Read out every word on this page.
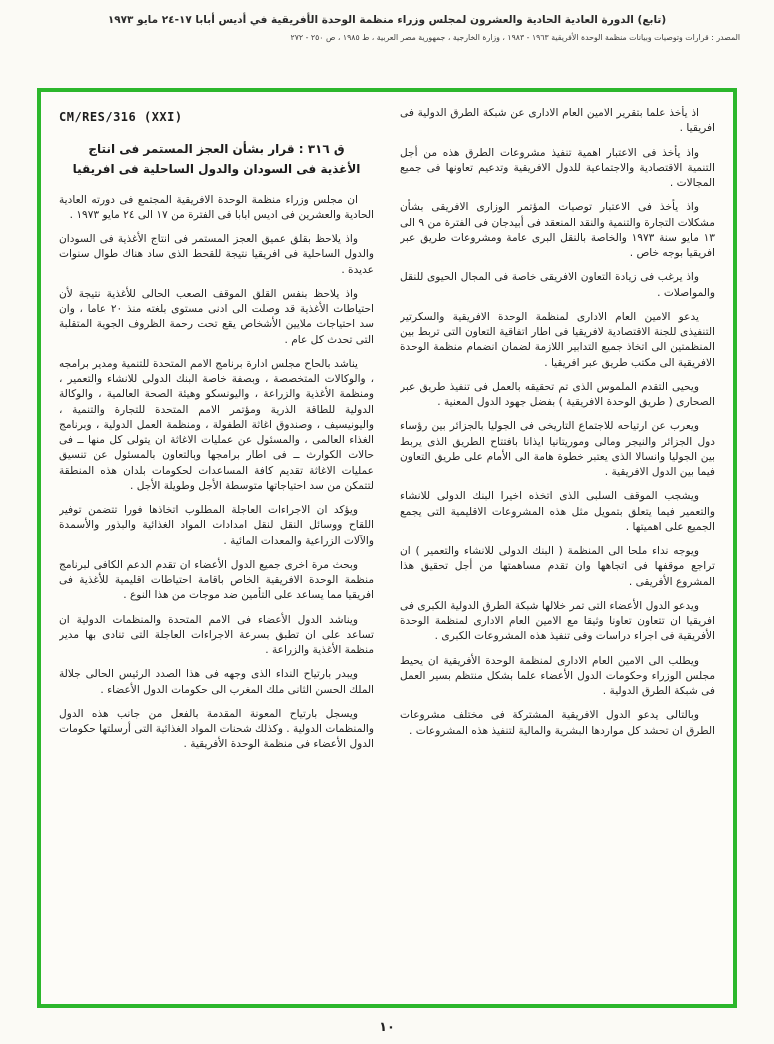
(تابع) الدورة العادية الحادية والعشرون لمجلس وزراء منظمة الوحدة الأفريقية في أديس أبابا ١٧-٢٤ مايو ١٩٧٣
المصدر : قرارات وتوصيات وبيانات منظمة الوحدة الأفريقية ١٩٦٣ - ١٩٨٣ ، وزارة الخارجية ، جمهورية مصر العربية ، ط ١٩٨٥ ، ص ٢٥٠ - ٢٧٢

اذ يأخذ علما بتقرير الامين العام الادارى عن شبكة الطرق الدولية فى افريقيا .

واذ يأخذ فى الاعتبار اهمية تنفيذ مشروعات الطرق هذه من أجل التنمية الاقتصادية والاجتماعية للدول الافريقية وتدعيم تعاونها فى جميع المجالات .

واذ يأخذ فى الاعتبار توصيات المؤتمر الوزارى الافريقى بشأن مشكلات التجارة والتنمية والنقد المنعقد فى أبيدجان فى الفترة من ٩ الى ١٣ مايو سنة ١٩٧٣ والخاصة بالنقل البرى عامة ومشروعات طريق عبر افريقيا بوجه خاص .

واذ يرغب فى زيادة التعاون الافريقى خاصة فى المجال الحيوى للنقل والمواصلات .

يدعو الامين العام الادارى لمنظمة الوحدة الافريقية والسكرتير التنفيذى للجنة الاقتصادية لافريقيا فى اطار اتفاقية التعاون التى تربط بين المنظمتين الى اتخاذ جميع التدابير اللازمة لضمان انضمام منظمة الوحدة الافريقية الى مكتب طريق عبر افريقيا .

ويحيى التقدم الملموس الذى تم تحقيقه بالعمل فى تنفيذ طريق عبر الصحارى ( طريق الوحدة الافريقية ) بفضل جهود الدول المعنية .

ويعرب عن ارتياحه للاجتماع التاريخى فى الجوليا بالجزائر بين رؤساء دول الجزائر والنيجر ومالى وموريتانيا ايذانا بافتتاح الطريق الذى يربط بين الجوليا وانسالا الذى يعتبر خطوة هامة الى الأمام على طريق التعاون فيما بين الدول الافريقية .

ويشجب الموقف السلبى الذى اتخذه اخيرا البنك الدولى للانشاء والتعمير فيما يتعلق بتمويل مثل هذه المشروعات الاقليمية التى يجمع الجميع على اهميتها .

ويوجه نداء ملحا الى المنظمة ( البنك الدولى للانشاء والتعمير ) ان تراجع موقفها فى اتجاهها وان تقدم مساهمتها من أجل تحقيق هذا المشروع الأفريقى .

ويدعو الدول الأعضاء التى تمر خلالها شبكة الطرق الدولية الكبرى فى افريقيا ان تتعاون تعاونا وثيقا مع الامين العام الادارى لمنظمة الوحدة الأفريقية فى اجراء دراسات وفى تنفيذ هذه المشروعات الكبرى .

ويطلب الى الامين العام الادارى لمنظمة الوحدة الأفريقية ان يحيط مجلس الوزراء وحكومات الدول الأعضاء علما بشكل منتظم بسير العمل فى شبكة الطرق الدولية .

وبالتالى يدعو الدول الافريقية المشتركة فى مختلف مشروعات الطرق ان تحشد كل مواردها البشرية والمالية لتنفيذ هذه المشروعات .

CM/RES/316 (XXI)
ق ٣١٦ : قرار بشأن العجز المستمر فى انتاج
الأغذية فى السودان والدول الساحلية فى افريقيا

ان مجلس وزراء منظمة الوحدة الافريقية المجتمع فى دورته العادية الحادية والعشرين فى اديس ابابا فى الفترة من ١٧ الى ٢٤ مايو ١٩٧٣ .

واذ يلاحظ بقلق عميق العجز المستمر فى انتاج الأغذية فى السودان والدول الساحلية فى افريقيا نتيجة للقحط الذى ساد هناك طوال سنوات عديدة .

واذ يلاحظ بنفس القلق الموقف الصعب الحالى للأغذية نتيجة لأن احتياطات الأغذية قد وصلت الى ادنى مستوى بلغته منذ ٢٠ عاما ، وان سد احتياجات ملايين الأشخاص يقع تحت رحمة الظروف الجوية المتقلبة التى تحدث كل عام .

يناشد بالحاح مجلس ادارة برنامج الامم المتحدة للتنمية ومدير برامجه ، والوكالات المتخصصة ، وبصفة خاصة البنك الدولى للانشاء والتعمير ، ومنظمة الأغذية والزراعة ، واليونسكو وهيئة الصحة العالمية ، والوكالة الدولية للطاقة الذرية ومؤتمر الامم المتحدة للتجارة والتنمية ، واليونيسيف ، وصندوق اغاثة الطفولة ، ومنظمة العمل الدولية ، وبرنامج الغذاء العالمى ، والمسئول عن عمليات الاغاثة ان يتولى كل منها ــ فى حالات الكوارث ــ فى اطار برامجها وبالتعاون بالمسئول عن تنسيق عمليات الاغاثة تقديم كافة المساعدات لحكومات بلدان هذه المنطقة لتتمكن من سد احتياجاتها متوسطة الأجل وطويلة الأجل .

ويؤكد ان الاجراءات العاجلة المطلوب اتخاذها فورا تتضمن توفير اللقاح ووسائل النقل لنقل امدادات المواد الغذائية والبذور والأسمدة والآلات الزراعية والمعدات المائية .

وبحث مرة اخرى جميع الدول الأعضاء ان تقدم الدعم الكافى لبرنامج منظمة الوحدة الافريقية الخاص باقامة احتياطات اقليمية للأغذية فى افريقيا مما يساعد على التأمين ضد موجات من هذا النوع .

ويناشد الدول الأعضاء فى الامم المتحدة والمنظمات الدولية ان تساعد على ان تطبق بسرعة الاجراءات العاجلة التى تنادى بها مدير منظمة الأغذية والزراعة .

ويبدر بارتياح النداء الذى وجهه فى هذا الصدد الرئيس الحالى جلالة الملك الحسن الثانى ملك المغرب الى حكومات الدول الأعضاء .

ويسجل بارتياح المعونة المقدمة بالفعل من جانب هذه الدول والمنظمات الدولية . وكذلك شحنات المواد الغذائية التى أرسلتها حكومات الدول الأعضاء فى منظمة الوحدة الأفريقية .

١٠
